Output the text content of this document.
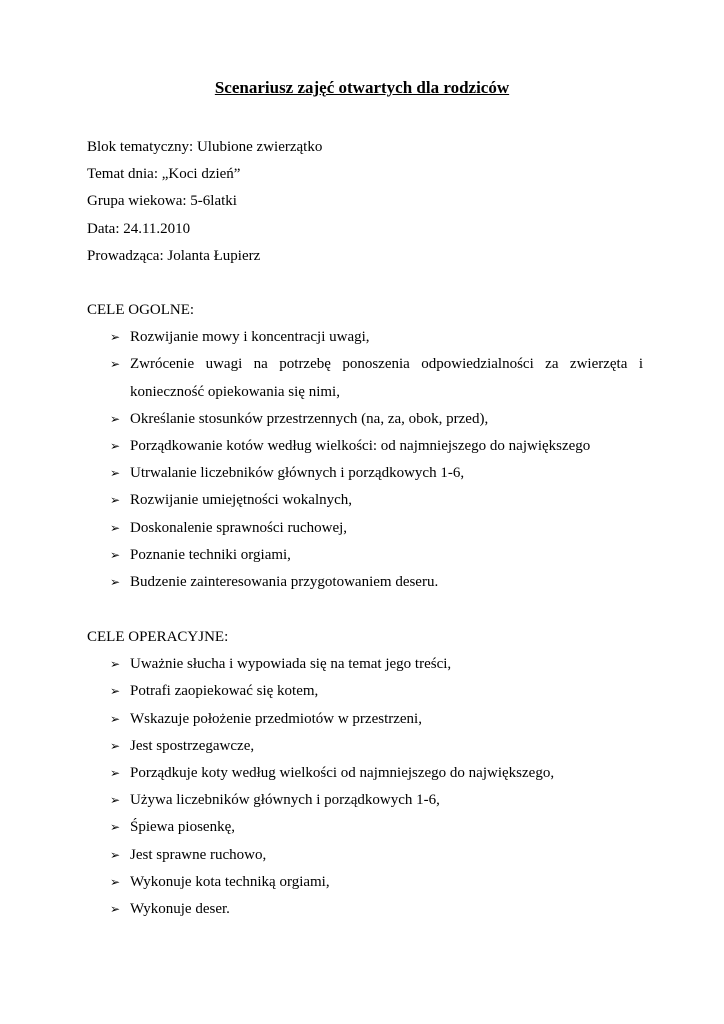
Scenariusz zajęć otwartych dla rodziców
Blok tematyczny: Ulubione zwierzątko
Temat dnia: „Koci dzień”
Grupa wiekowa: 5-6latki
Data: 24.11.2010
Prowadząca: Jolanta Łupierz
CELE OGOLNE:
➢ Rozwijanie mowy i koncentracji uwagi,
➢ Zwrócenie uwagi na potrzebę ponoszenia odpowiedzialności za zwierzęta i konieczność opiekowania się nimi,
➢ Określanie stosunków przestrzennych (na, za, obok, przed),
➢ Porządkowanie kotów według wielkości: od najmniejszego do największego
➢ Utrwalanie liczebników głównych i porządkowych 1-6,
➢ Rozwijanie umiejętności wokalnych,
➢ Doskonalenie sprawności ruchowej,
➢ Poznanie techniki orgiami,
➢ Budzenie zainteresowania przygotowaniem deseru.
CELE OPERACYJNE:
➢ Uważnie słucha i wypowiada się na temat jego treści,
➢ Potrafi zaopiekować się kotem,
➢ Wskazuje położenie przedmiotów w przestrzeni,
➢ Jest spostrzegawcze,
➢ Porządkuje koty według wielkości od najmniejszego do największego,
➢ Używa liczebników głównych i porządkowych 1-6,
➢ Śpiewa piosenkę,
➢ Jest sprawne ruchowo,
➢ Wykonuje kota techniką orgiami,
➢ Wykonuje deser.
